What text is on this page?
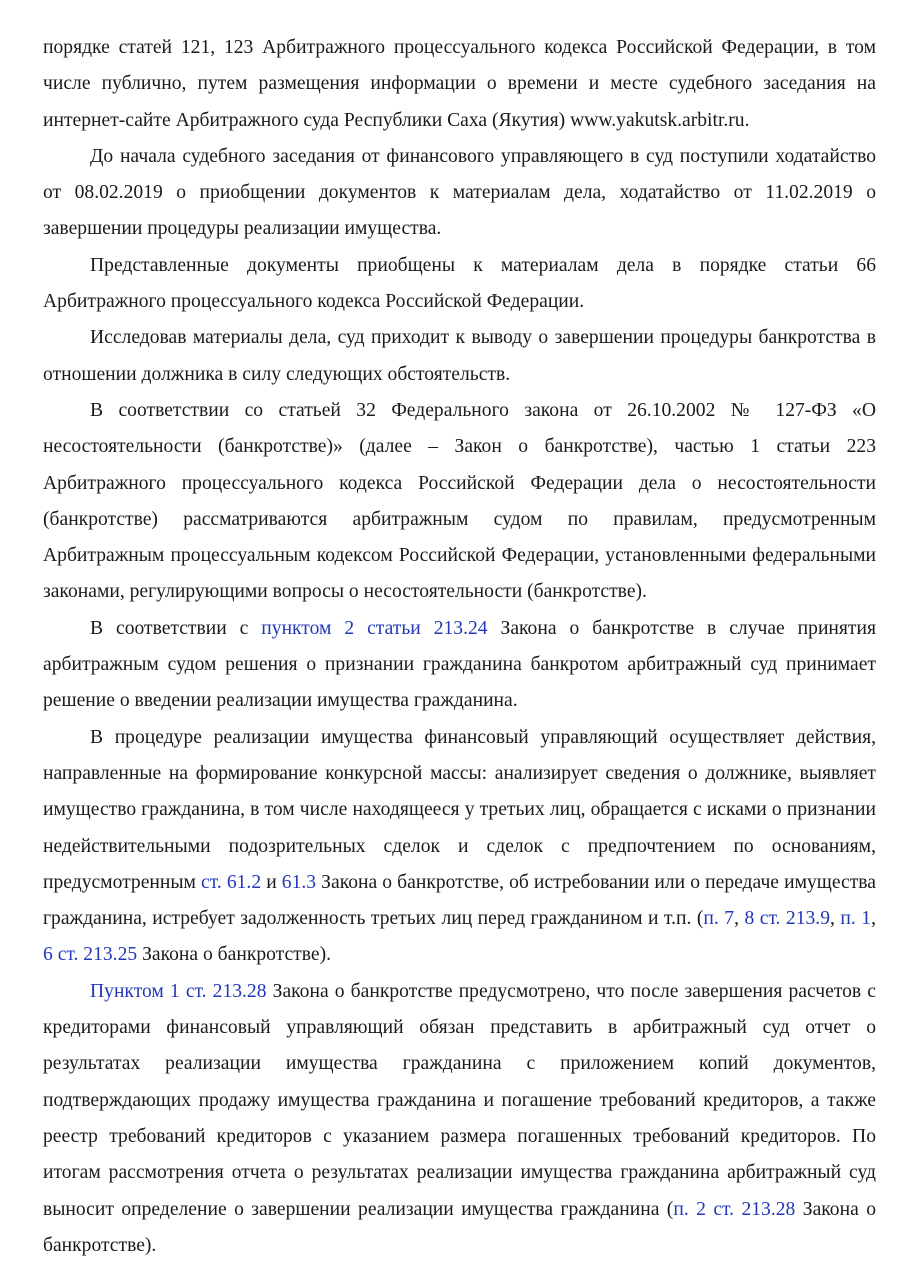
порядке статей 121, 123 Арбитражного процессуального кодекса Российской Федерации, в том числе публично, путем размещения информации о времени и месте судебного заседания на интернет-сайте Арбитражного суда Республики Саха (Якутия) www.yakutsk.arbitr.ru.

До начала судебного заседания от финансового управляющего в суд поступили ходатайство от 08.02.2019 о приобщении документов к материалам дела, ходатайство от 11.02.2019 о завершении процедуры реализации имущества.

Представленные документы приобщены к материалам дела в порядке статьи 66 Арбитражного процессуального кодекса Российской Федерации.

Исследовав материалы дела, суд приходит к выводу о завершении процедуры банкротства в отношении должника в силу следующих обстоятельств.

В соответствии со статьей 32 Федерального закона от 26.10.2002 № 127-ФЗ «О несостоятельности (банкротстве)» (далее – Закон о банкротстве), частью 1 статьи 223 Арбитражного процессуального кодекса Российской Федерации дела о несостоятельности (банкротстве) рассматриваются арбитражным судом по правилам, предусмотренным Арбитражным процессуальным кодексом Российской Федерации, установленными федеральными законами, регулирующими вопросы о несостоятельности (банкротстве).

В соответствии с пунктом 2 статьи 213.24 Закона о банкротстве в случае принятия арбитражным судом решения о признании гражданина банкротом арбитражный суд принимает решение о введении реализации имущества гражданина.

В процедуре реализации имущества финансовый управляющий осуществляет действия, направленные на формирование конкурсной массы: анализирует сведения о должнике, выявляет имущество гражданина, в том числе находящееся у третьих лиц, обращается с исками о признании недействительными подозрительных сделок и сделок с предпочтением по основаниям, предусмотренным ст. 61.2 и 61.3 Закона о банкротстве, об истребовании или о передаче имущества гражданина, истребует задолженность третьих лиц перед гражданином и т.п. (п. 7, 8 ст. 213.9, п. 1, 6 ст. 213.25 Закона о банкротстве).

Пунктом 1 ст. 213.28 Закона о банкротстве предусмотрено, что после завершения расчетов с кредиторами финансовый управляющий обязан представить в арбитражный суд отчет о результатах реализации имущества гражданина с приложением копий документов, подтверждающих продажу имущества гражданина и погашение требований кредиторов, а также реестр требований кредиторов с указанием размера погашенных требований кредиторов. По итогам рассмотрения отчета о результатах реализации имущества гражданина арбитражный суд выносит определение о завершении реализации имущества гражданина (п. 2 ст. 213.28 Закона о банкротстве).
